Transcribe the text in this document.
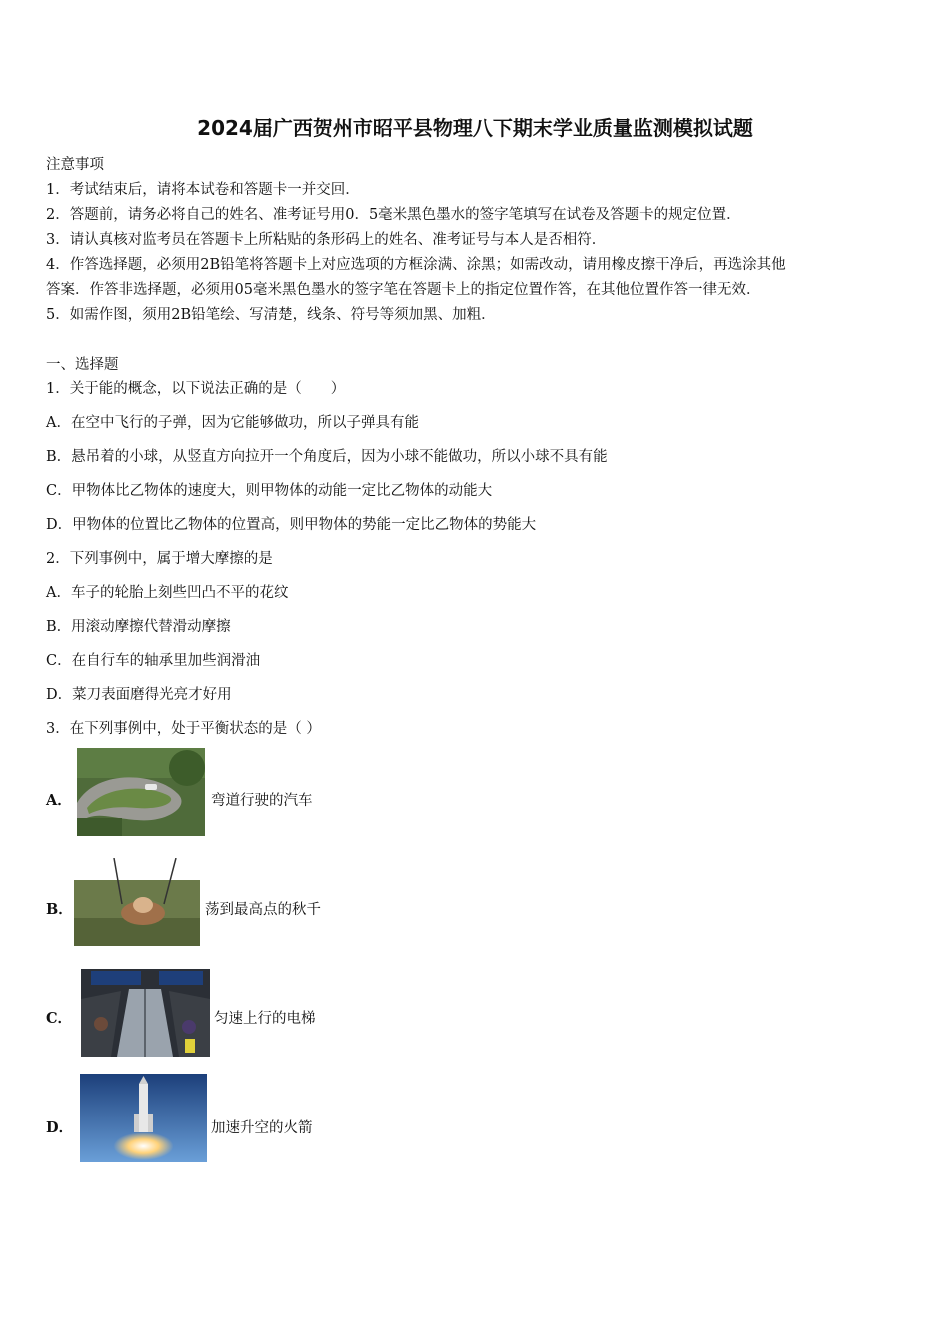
2024届广西贺州市昭平县物理八下期末学业质量监测模拟试题
注意事项
1．考试结束后，请将本试卷和答题卡一并交回．
2．答题前，请务必将自己的姓名、准考证号用0．5毫米黑色墨水的签字笔填写在试卷及答题卡的规定位置．
3．请认真核对监考员在答题卡上所粘贴的条形码上的姓名、准考证号与本人是否相符．
4．作答选择题，必须用2B铅笔将答题卡上对应选项的方框涂满、涂黑；如需改动，请用橡皮擦干净后，再选涂其他
答案．作答非选择题，必须用05毫米黑色墨水的签字笔在答题卡上的指定位置作答，在其他位置作答一律无效．
5．如需作图，须用2B铅笔绘、写清楚，线条、符号等须加黑、加粗．
一、选择题
1．关于能的概念，以下说法正确的是（　　）
A．在空中飞行的子弹，因为它能够做功，所以子弹具有能
B．悬吊着的小球，从竖直方向拉开一个角度后，因为小球不能做功，所以小球不具有能
C．甲物体比乙物体的速度大，则甲物体的动能一定比乙物体的动能大
D．甲物体的位置比乙物体的位置高，则甲物体的势能一定比乙物体的势能大
2．下列事例中，属于增大摩擦的是
A．车子的轮胎上刻些凹凸不平的花纹
B．用滚动摩擦代替滑动摩擦
C．在自行车的轴承里加些润滑油
D．菜刀表面磨得光亮才好用
3．在下列事例中，处于平衡状态的是（ ）
A．	弯道行驶的汽车
B．	荡到最高点的秋千
C．	匀速上行的电梯
D．	加速升空的火箭
